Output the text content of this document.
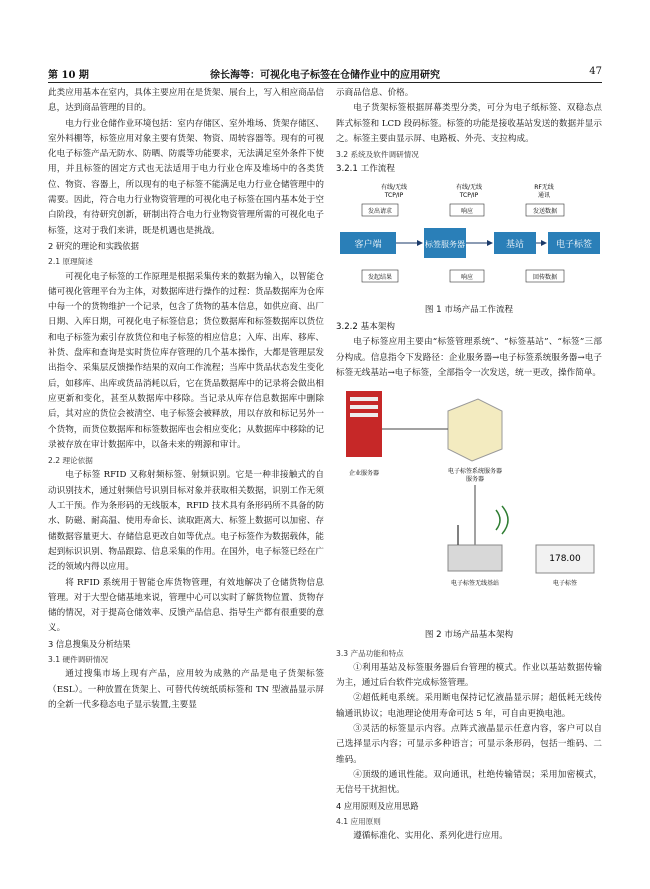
第 10 期	徐长海等：可视化电子标签在仓储作业中的应用研究	47

此类应用基本在室内，具体主要应用在是货架、展台上，写入相应商品信息，达到商品管理的目的。

电力行业仓储作业环境包括：室内存储区、室外堆场、货架存储区、室外料棚等，标签应用对象主要有货架、物资、周转容器等。现有的可视化电子标签产品无防水、防晒、防震等功能要求，无法满足室外条件下使用，并且标签的固定方式也无法适用于电力行业仓库及堆场中的各类货位、物资、容器上，所以现有的电子标签不能满足电力行业仓储管理中的需要。因此，符合电力行业物资管理的可视化电子标签在国内基本处于空白阶段，有待研究创新，研制出符合电力行业物资管理所需的可视化电子标签，这对于我们来讲，既是机遇也是挑战。

2 研究的理论和实践依据
2.1 原理简述

可视化电子标签的工作原理是根据采集传来的数据为输入，以智能仓储可视化管理平台为主体，对数据库进行操作的过程：货品数据库为仓库中每一个的货物维护一个记录，包含了货物的基本信息，如供应商、出厂日期、入库日期，可视化电子标签信息；货位数据库和标签数据库以货位和电子标签为索引存放货位和电子标签的相应信息；入库、出库、移库、补货、盘库和查询是实时货位库存管理的几个基本操作，大都是管理层发出指令、采集层反馈操作结果的双向工作流程；当库中货品状态发生变化后，如移库、出库或货品消耗以后，它在货品数据库中的记录将会做出相应更新和变化，甚至从数据库中移除。当记录从库存信息数据库中删除后，其对应的货位会被清空、电子标签会被释放，用以存放和标记另外一个货物，而货位数据库和标签数据库也会相应变化；从数据库中移除的记录被存放在审计数据库中，以备未来的朔源和审计。

2.2 理论依据

电子标签 RFID 又称射频标签、射频识别。它是一种非接触式的自动识别技术，通过射频信号识别目标对象并获取相关数据，识别工作无须人工干预。作为条形码的无线版本，RFID 技术具有条形码所不具备的防水、防磁、耐高温、使用寿命长、读取距离大、标签上数据可以加密、存储数据容量更大、存储信息更改自如等优点。电子标签作为数据载体，能起到标识识别、物品跟踪、信息采集的作用。在国外，电子标签已经在广泛的领域内得以应用。

将 RFID 系统用于智能仓库货物管理，有效地解决了仓储货物信息管理。对于大型仓储基地来说，管理中心可以实时了解货物位置、货物存储的情况，对于提高仓储效率、反馈产品信息、指导生产都有很重要的意义。

3 信息搜集及分析结果
3.1 硬件调研情况

通过搜集市场上现有产品，应用较为成熟的产品是电子货架标签（ESL）。一种放置在货架上、可替代传统纸质标签和 TN 型液晶显示屏的全新一代多稳态电子显示装置,主要显

示商品信息、价格。

电子货架标签根据屏幕类型分类，可分为电子纸标签、双稳态点阵式标签和 LCD 段码标签。标签的功能是接收基站发送的数据并显示之。标签主要由显示屏、电路板、外壳、支拉构成。

3.2 系统及软件调研情况
3.2.1 工作流程
有线/无线
TCP/IP
有线/无线
TCP/IP
RF无线
通讯
客户端	标签服务器	基站	电子标签
发出请求	响应	发送数据
发起结果	响应	回传数据
图 1 市场产品工作流程
3.2.2 基本架构

电子标签应用主要由“标签管理系统”、“标签基站”、“标签”三部分构成。信息指令下发路径：企业服务器→电子标签系统服务器→电子标签无线基站→电子标签，全部指令一次发送，统一更改，操作简单。

企业服务器	电子标签系统服务器
服务器
电子标签无线基站
178.00
电子标签
图 2 市场产品基本架构
3.3 产品功能和特点

①利用基站及标签服务器后台管理的模式。作业以基站数据传输为主，通过后台软件完成标签管理。

②超低耗电系统。采用断电保持记忆液晶显示屏；超低耗无线传输通讯协议；电池理论使用寿命可达 5 年，可自由更换电池。

③灵活的标签显示内容。点阵式液晶显示任意内容，客户可以自己选择显示内容；可显示多种语言；可显示条形码，包括一维码、二维码。

④顶级的通讯性能。双向通讯，杜绝传输错误；采用加密模式，无信号干扰担忧。

4 应用原则及应用思路
4.1 应用原则

遵循标准化、实用化、系列化进行应用。
